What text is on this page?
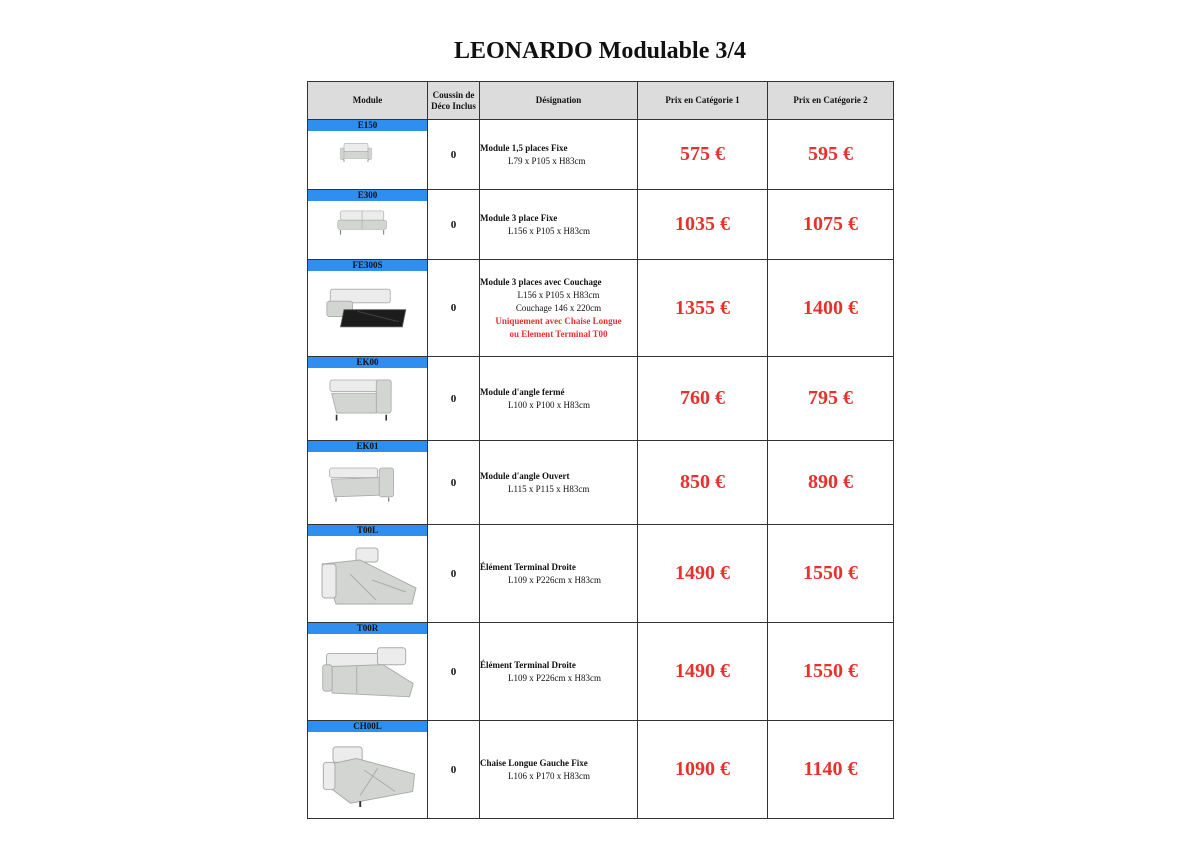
LEONARDO Modulable 3/4
Module	Coussin de Déco Inclus	Désignation	Prix en Catégorie 1	Prix en Catégorie 2

E150	0	Module 1,5 places Fixe
L79 x P105 x H83cm	575 €	595 €

E300	0	Module 3 place Fixe
L156 x P105 x H83cm	1035 €	1075 €

FE300S	0	Module 3 places avec Couchage
L156 x P105 x H83cm
Couchage 146 x 220cm
Uniquement avec Chaise Longue
ou Element Terminal T00	1355 €	1400 €

EK00	0	Module d'angle fermé
L100 x P100 x H83cm	760 €	795 €

EK01	0	Module d'angle Ouvert
L115 x P115 x H83cm	850 €	890 €

T00L	0	Élément Terminal Droite
L109 x P226cm x H83cm	1490 €	1550 €

T00R	0	Élément Terminal Droite
L109 x P226cm x H83cm	1490 €	1550 €

CH00L	0	Chaise Longue Gauche Fixe
L106 x P170 x H83cm	1090 €	1140 €
